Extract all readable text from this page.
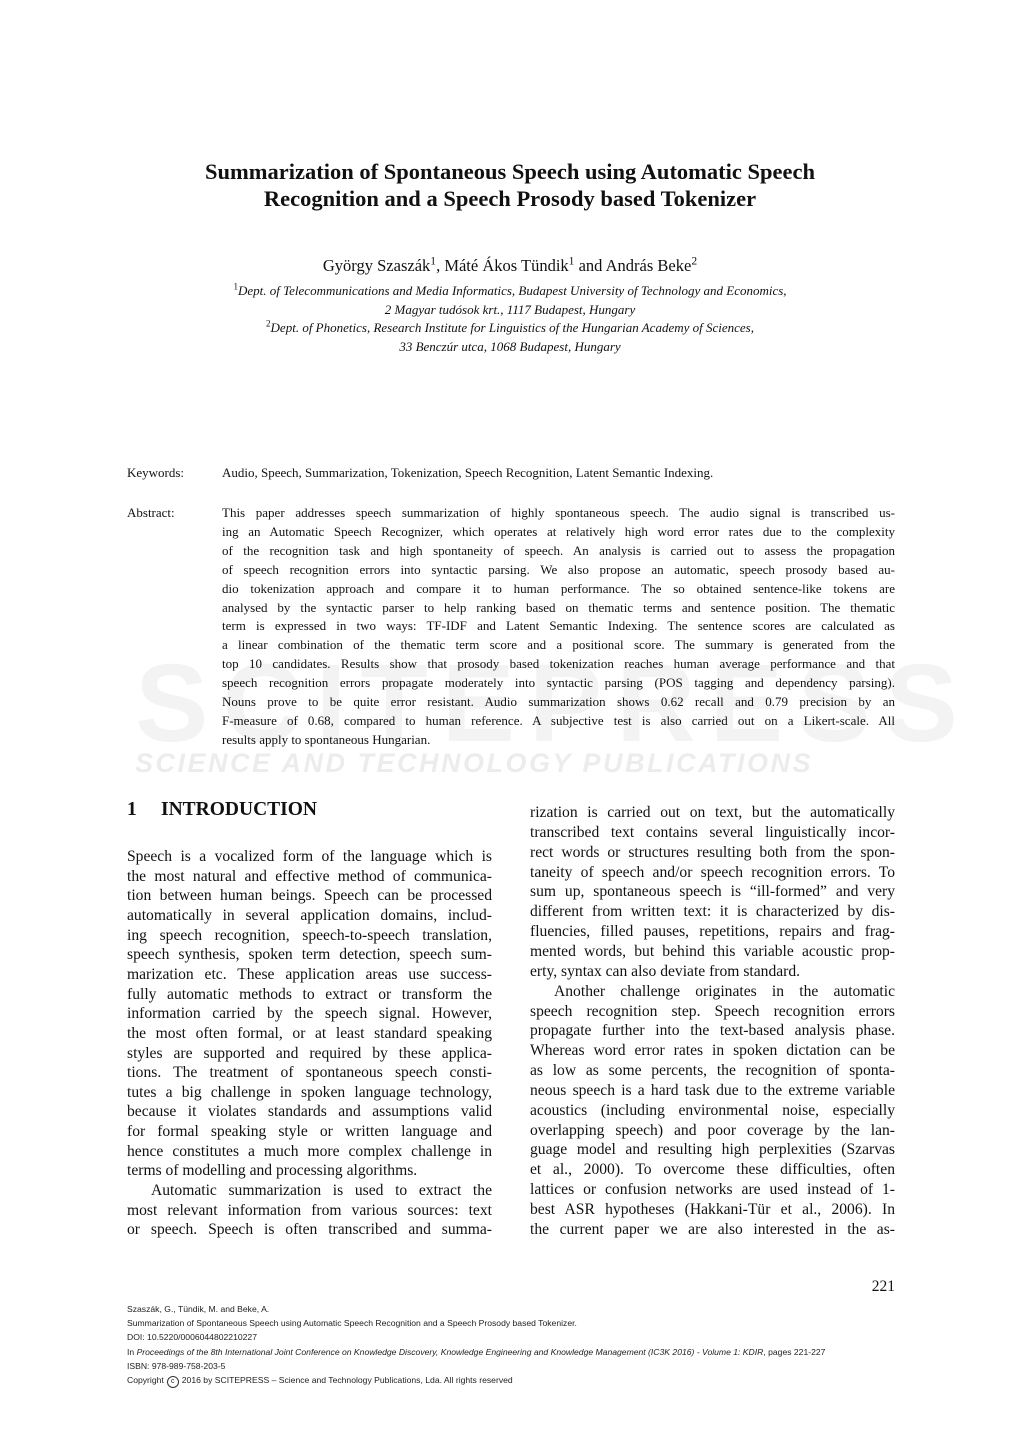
Summarization of Spontaneous Speech using Automatic Speech
Recognition and a Speech Prosody based Tokenizer
György Szaszák$^1$, Máté Ákos Tündik$^1$ and András Beke$^2$
$^1$Dept. of Telecommunications and Media Informatics, Budapest University of Technology and Economics,
2 Magyar tudósok krt., 1117 Budapest, Hungary
$^2$Dept. of Phonetics, Research Institute for Linguistics of the Hungarian Academy of Sciences,
33 Benczúr utca, 1068 Budapest, Hungary
Keywords:	Audio, Speech, Summarization, Tokenization, Speech Recognition, Latent Semantic Indexing.
SCIENCE AND TECHNOLOGY PUBLICATIONS
Abstract:	This paper addresses speech summarization of highly spontaneous speech. The audio signal is transcribed us-
ing an Automatic Speech Recognizer, which operates at relatively high word error rates due to the complexity
of the recognition task and high spontaneity of speech. An analysis is carried out to assess the propagation
of speech recognition errors into syntactic parsing. We also propose an automatic, speech prosody based au-
dio tokenization approach and compare it to human performance. The so obtained sentence-like tokens are
analysed by the syntactic parser to help ranking based on thematic terms and sentence position. The thematic
term is expressed in two ways: TF-IDF and Latent Semantic Indexing. The sentence scores are calculated as
a linear combination of the thematic term score and a positional score. The summary is generated from the
top 10 candidates. Results show that prosody based tokenization reaches human average performance and that
speech recognition errors propagate moderately into syntactic parsing (POS tagging and dependency parsing).
Nouns prove to be quite error resistant. Audio summarization shows 0.62 recall and 0.79 precision by an
F-measure of 0.68, compared to human reference. A subjective test is also carried out on a Likert-scale. All
results apply to spontaneous Hungarian.
1 INTRODUCTION
Speech is a vocalized form of the language which is
the most natural and effective method of communica-
tion between human beings. Speech can be processed
automatically in several application domains, includ-
ing speech recognition, speech-to-speech translation,
speech synthesis, spoken term detection, speech sum-
marization etc. These application areas use success-
fully automatic methods to extract or transform the
information carried by the speech signal. However,
the most often formal, or at least standard speaking
styles are supported and required by these applica-
tions. The treatment of spontaneous speech consti-
tutes a big challenge in spoken language technology,
because it violates standards and assumptions valid
for formal speaking style or written language and
hence constitutes a much more complex challenge in
terms of modelling and processing algorithms.
Automatic summarization is used to extract the
most relevant information from various sources: text
or speech. Speech is often transcribed and summa-
rization is carried out on text, but the automatically
transcribed text contains several linguistically incor-
rect words or structures resulting both from the spon-
taneity of speech and/or speech recognition errors. To
sum up, spontaneous speech is “ill-formed” and very
different from written text: it is characterized by dis-
fluencies, filled pauses, repetitions, repairs and frag-
mented words, but behind this variable acoustic prop-
erty, syntax can also deviate from standard.
Another challenge originates in the automatic
speech recognition step. Speech recognition errors
propagate further into the text-based analysis phase.
Whereas word error rates in spoken dictation can be
as low as some percents, the recognition of sponta-
neous speech is a hard task due to the extreme variable
acoustics (including environmental noise, especially
overlapping speech) and poor coverage by the lan-
guage model and resulting high perplexities (Szarvas
et al., 2000). To overcome these difficulties, often
lattices or confusion networks are used instead of 1-
best ASR hypotheses (Hakkani-Tür et al., 2006). In
the current paper we are also interested in the as-
221
Szaszák, G., Tündik, M. and Beke, A.
Summarization of Spontaneous Speech using Automatic Speech Recognition and a Speech Prosody based Tokenizer.
DOI: 10.5220/0006044802210227
In Proceedings of the 8th International Joint Conference on Knowledge Discovery, Knowledge Engineering and Knowledge Management (IC3K 2016) - Volume 1: KDIR, pages 221-227
ISBN: 978-989-758-203-5
Copyright c 2016 by SCITEPRESS – Science and Technology Publications, Lda. All rights reserved
